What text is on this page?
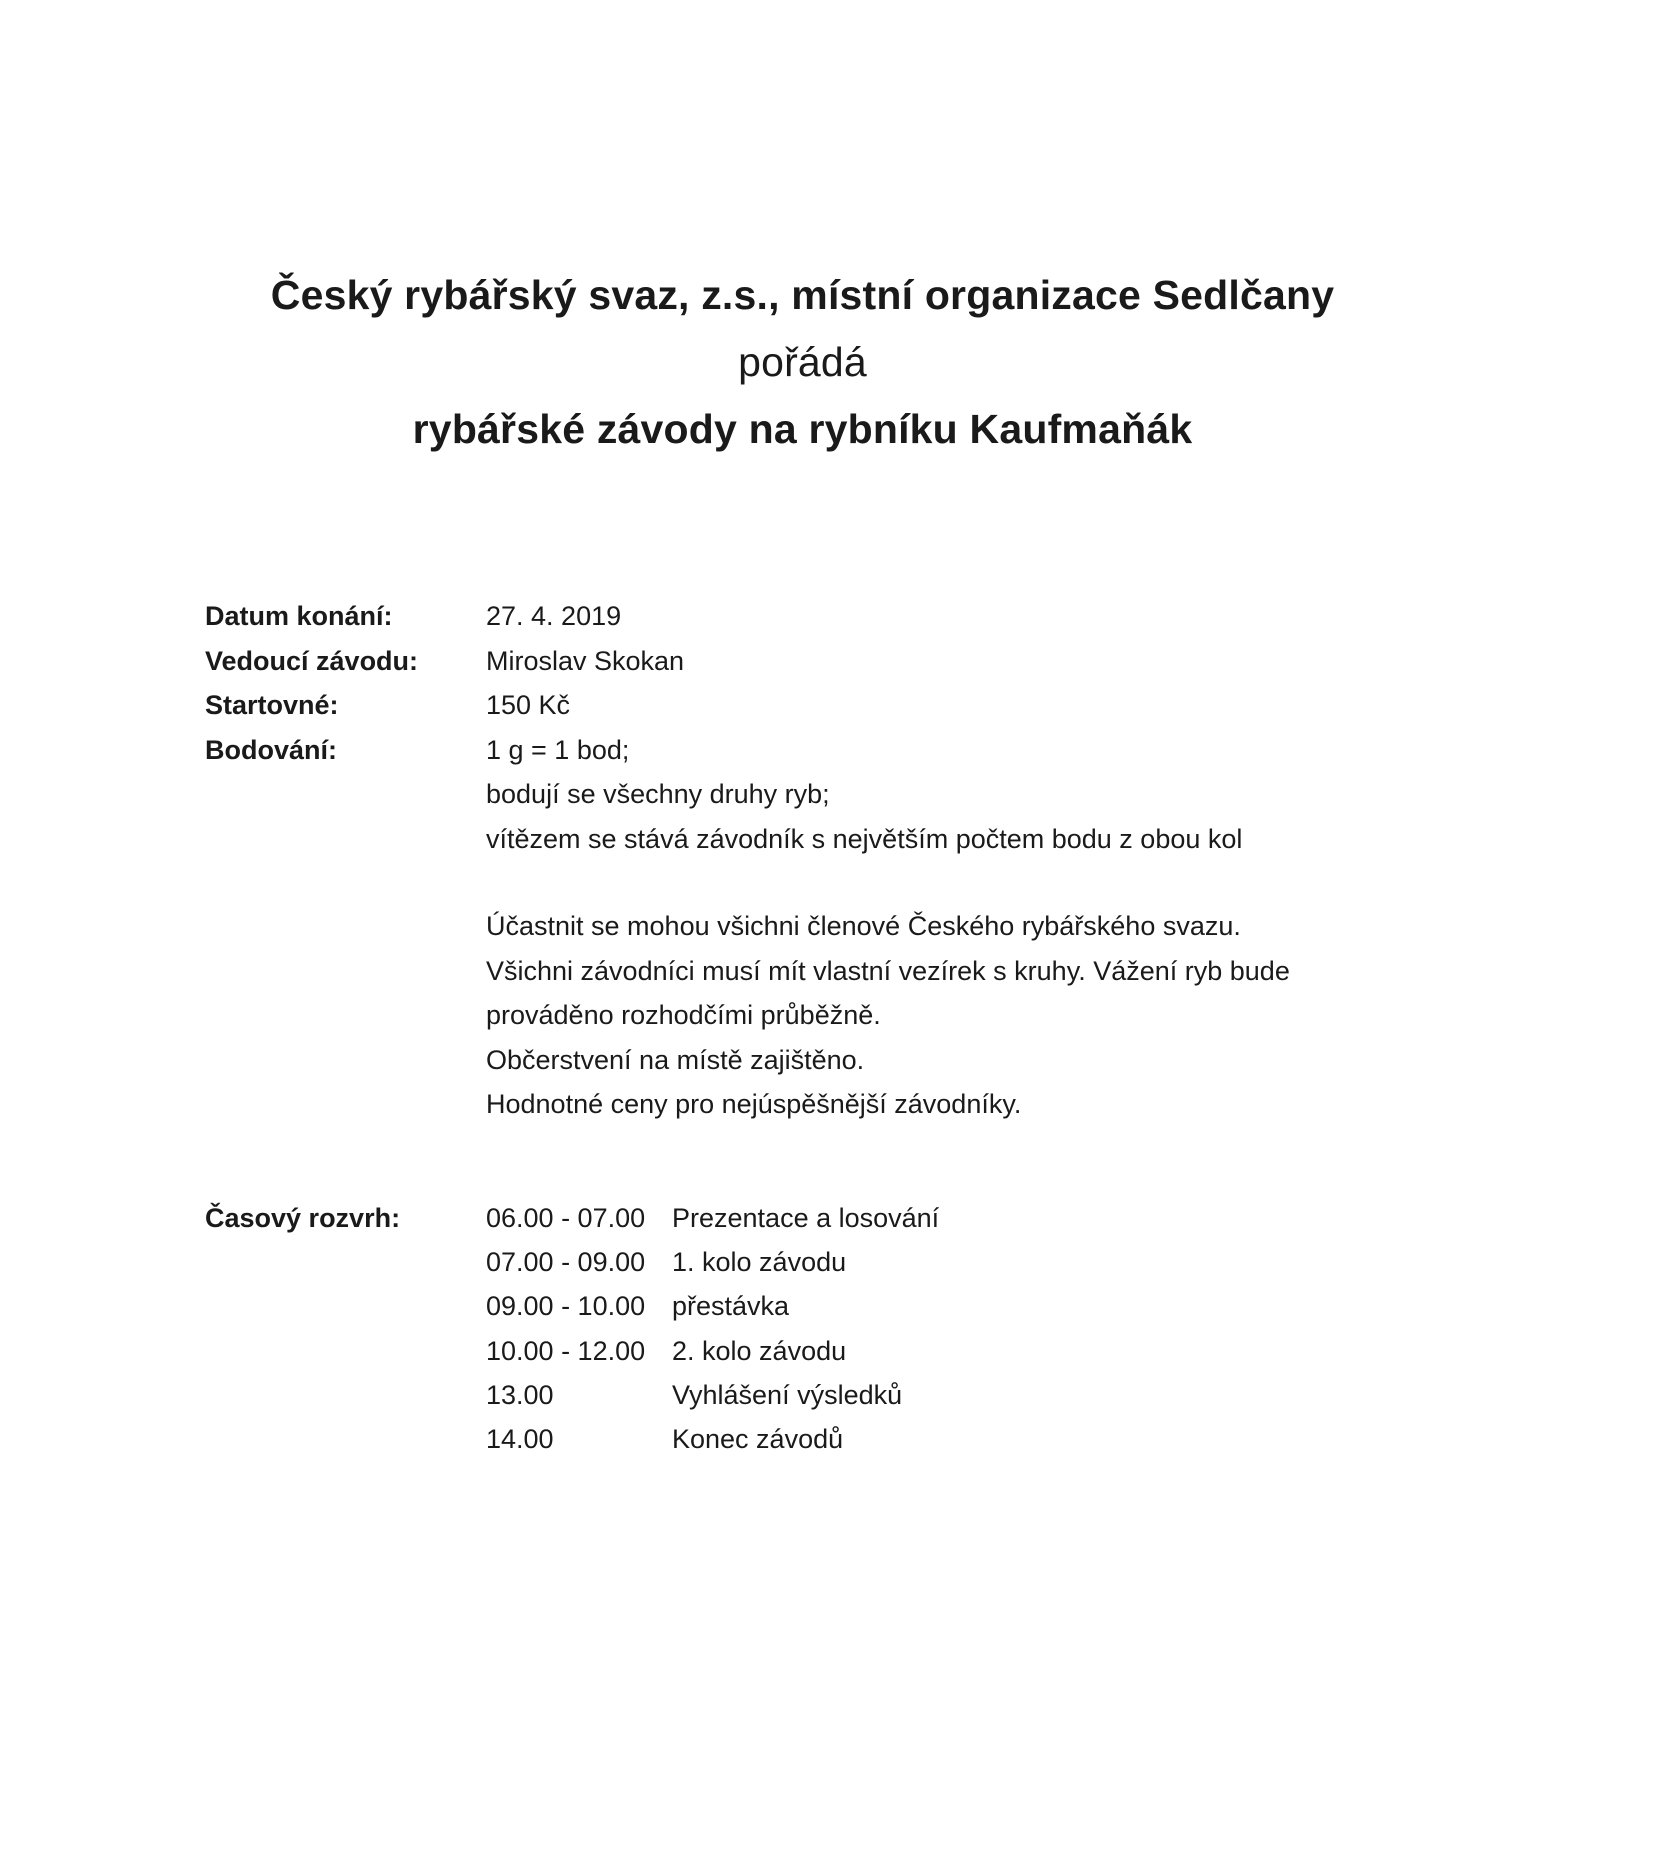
Český rybářský svaz, z.s., místní organizace Sedlčany
pořádá
rybářské závody na rybníku Kaufmaňák
Datum konání:	27. 4. 2019
Vedoucí závodu:	Miroslav Skokan
Startovné:	150 Kč
Bodování:	1 g = 1 bod;
bodují se všechny druhy ryb;
vítězem se stává závodník s největším počtem bodu z obou kol
Účastnit se mohou všichni členové Českého rybářského svazu.
Všichni závodníci musí mít vlastní vezírek s kruhy. Vážení ryb bude
prováděno rozhodčími průběžně.
Občerstvení na místě zajištěno.
Hodnotné ceny pro nejúspěšnější závodníky.
Časový rozvrh:	06.00 - 07.00 Prezentace a losování
07.00 - 09.00 1. kolo závodu
09.00 - 10.00 přestávka
10.00 - 12.00 2. kolo závodu
13.00	Vyhlášení výsledků
14.00	Konec závodů
